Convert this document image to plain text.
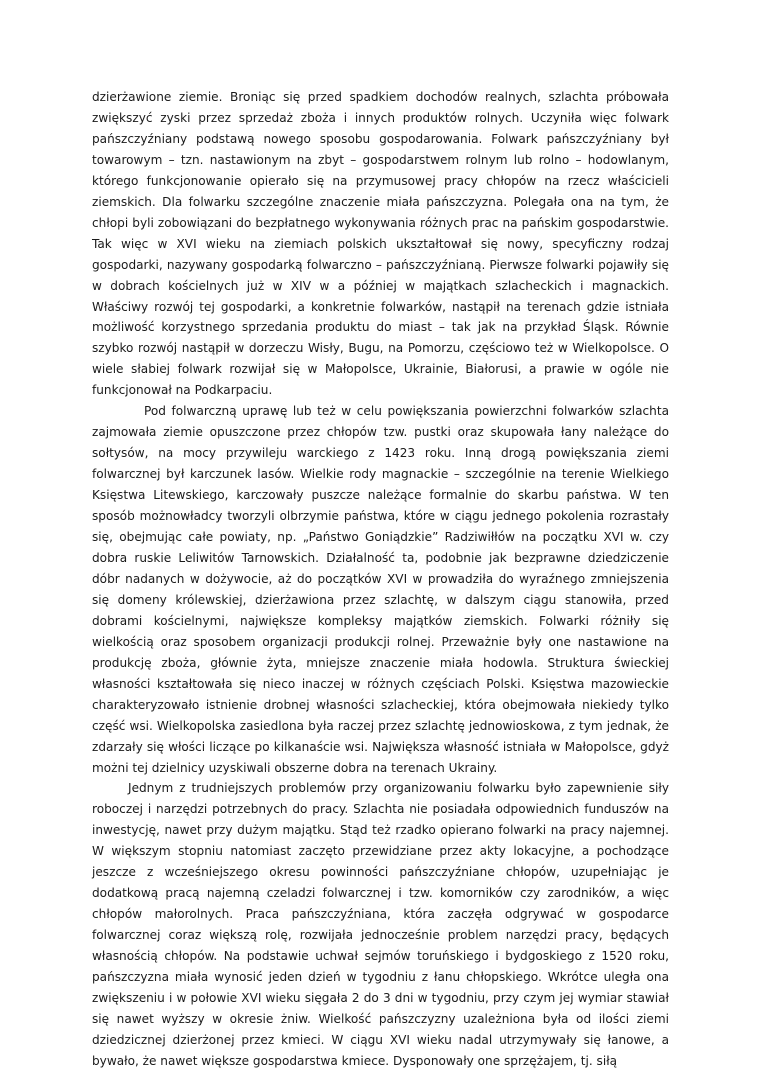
dzierżawione ziemie. Broniąc się przed spadkiem dochodów realnych, szlachta próbowała zwiększyć zyski przez sprzedaż zboża i innych produktów rolnych. Uczyniła więc folwark pańszczyźniany podstawą nowego sposobu gospodarowania. Folwark pańszczyźniany był towarowym – tzn. nastawionym na zbyt – gospodarstwem rolnym lub rolno – hodowlanym, którego funkcjonowanie opierało się na przymusowej pracy chłopów na rzecz właścicieli ziemskich. Dla folwarku szczególne znaczenie miała pańszczyzna. Polegała ona na tym, że chłopi byli zobowiązani do bezpłatnego wykonywania różnych prac na pańskim gospodarstwie. Tak więc w XVI wieku na ziemiach polskich ukształtował się nowy, specyficzny rodzaj gospodarki, nazywany gospodarką folwarczno – pańszczyźnianą. Pierwsze folwarki pojawiły się w dobrach kościelnych już w XIV w a później w majątkach szlacheckich i magnackich. Właściwy rozwój tej gospodarki, a konkretnie folwarków, nastąpił na terenach gdzie istniała możliwość korzystnego sprzedania produktu do miast – tak jak na przykład Śląsk. Równie szybko rozwój nastąpił w dorzeczu Wisły, Bugu, na Pomorzu, częściowo też w Wielkopolsce. O wiele słabiej folwark rozwijał się w Małopolsce, Ukrainie, Białorusi, a prawie w ogóle nie funkcjonował na Podkarpaciu.

Pod folwarczną uprawę lub też w celu powiększania powierzchni folwarków szlachta zajmowała ziemie opuszczone przez chłopów tzw. pustki oraz skupowała łany należące do sołtysów, na mocy przywileju warckiego z 1423 roku. Inną drogą powiększania ziemi folwarcznej był karczunek lasów. Wielkie rody magnackie – szczególnie na terenie Wielkiego Księstwa Litewskiego, karczowały puszcze należące formalnie do skarbu państwa. W ten sposób możnowładcy tworzyli olbrzymie państwa, które w ciągu jednego pokolenia rozrastały się, obejmując całe powiaty, np. „Państwo Goniądzkie” Radziwiłłów na początku XVI w. czy dobra ruskie Leliwitów Tarnowskich. Działalność ta, podobnie jak bezprawne dziedziczenie dóbr nadanych w dożywocie, aż do początków XVI w prowadziła do wyraźnego zmniejszenia się domeny królewskiej, dzierżawiona przez szlachtę, w dalszym ciągu stanowiła, przed dobrami kościelnymi, największe kompleksy majątków ziemskich. Folwarki różniły się wielkością oraz sposobem organizacji produkcji rolnej. Przeważnie były one nastawione na produkcję zboża, głównie żyta, mniejsze znaczenie miała hodowla. Struktura świeckiej własności kształtowała się nieco inaczej w różnych częściach Polski. Księstwa mazowieckie charakteryzowało istnienie drobnej własności szlacheckiej, która obejmowała niekiedy tylko część wsi. Wielkopolska zasiedlona była raczej przez szlachtę jednowioskowa, z tym jednak, że zdarzały się włości liczące po kilkanaście wsi. Największa własność istniała w Małopolsce, gdyż możni tej dzielnicy uzyskiwali obszerne dobra na terenach Ukrainy.

Jednym z trudniejszych problemów przy organizowaniu folwarku było zapewnienie siły roboczej i narzędzi potrzebnych do pracy. Szlachta nie posiadała odpowiednich funduszów na inwestycję, nawet przy dużym majątku. Stąd też rzadko opierano folwarki na pracy najemnej. W większym stopniu natomiast zaczęto przewidziane przez akty lokacyjne, a pochodzące jeszcze z wcześniejszego okresu powinności pańszczyźniane chłopów, uzupełniając je dodatkową pracą najemną czeladzi folwarcznej i tzw. komorników czy zarodników, a więc chłopów małorolnych. Praca pańszczyźniana, która zaczęła odgrywać w gospodarce folwarcznej coraz większą rolę, rozwijała jednocześnie problem narzędzi pracy, będących własnością chłopów. Na podstawie uchwał sejmów toruńskiego i bydgoskiego z 1520 roku, pańszczyzna miała wynosić jeden dzień w tygodniu z łanu chłopskiego. Wkrótce uległa ona zwiększeniu i w połowie XVI wieku sięgała 2 do 3 dni w tygodniu, przy czym jej wymiar stawiał się nawet wyższy w okresie żniw. Wielkość pańszczyzny uzależniona była od ilości ziemi dziedzicznej dzierżonej przez kmieci. W ciągu XVI wieku nadal utrzymywały się łanowe, a bywało, że nawet większe gospodarstwa kmiece. Dysponowały one sprzężajem, tj. siłą
